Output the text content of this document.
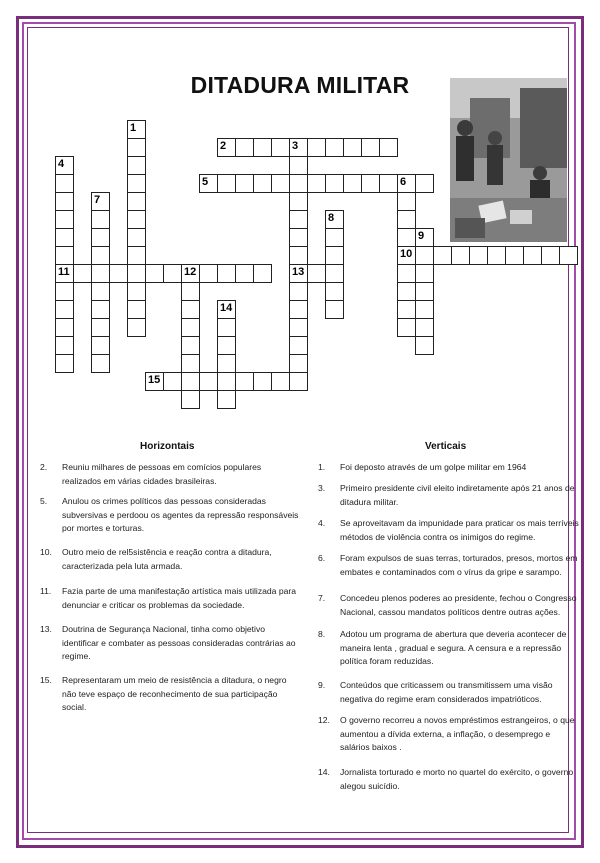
DITADURA MILITAR
1
2	3
4
5	6
7
8
9
10
11	12	13
14
15
Horizontais	Verticais
2. Reuniu milhares de pessoas em comícios populares
realizados em várias cidades brasileiras.
5. Anulou os crimes políticos das pessoas consideradas
subversivas e perdoou os agentes da repressão responsáveis
por mortes e torturas.
10. Outro meio de rel5sistência e reação contra a ditadura,
caracterizada pela luta armada.
11. Fazia parte de uma manifestação artística mais utilizada para
denunciar e criticar os problemas da sociedade.
13. Doutrina de Segurança Nacional, tinha como objetivo
identificar e combater as pessoas consideradas contrárias ao
regime.
15. Representaram um meio de resistência a ditadura, o negro
não teve espaço de reconhecimento de sua participação
social.
1. Foi deposto através de um golpe militar em 1964
3. Primeiro presidente civil eleito indiretamente após 21 anos de
ditadura militar.
4. Se aproveitavam da impunidade para praticar os mais terríveis
métodos de violência contra os inimigos do regime.
6. Foram expulsos de suas terras, torturados, presos, mortos em
embates e contaminados com o vírus da gripe e sarampo.
7. Concedeu plenos poderes ao presidente, fechou o Congresso
Nacional, cassou mandatos políticos dentre outras ações.
8. Adotou um programa de abertura que deveria acontecer de
maneira lenta , gradual e segura. A censura e a repressão
política foram reduzidas.
9. Conteúdos que criticassem ou transmitissem uma visão
negativa do regime eram considerados impatrióticos.
12. O governo recorreu a novos empréstimos estrangeiros, o que
aumentou a dívida externa, a inflação, o desemprego e
salários baixos .
14. Jornalista torturado e morto no quartel do exército, o governo
alegou suicídio.
